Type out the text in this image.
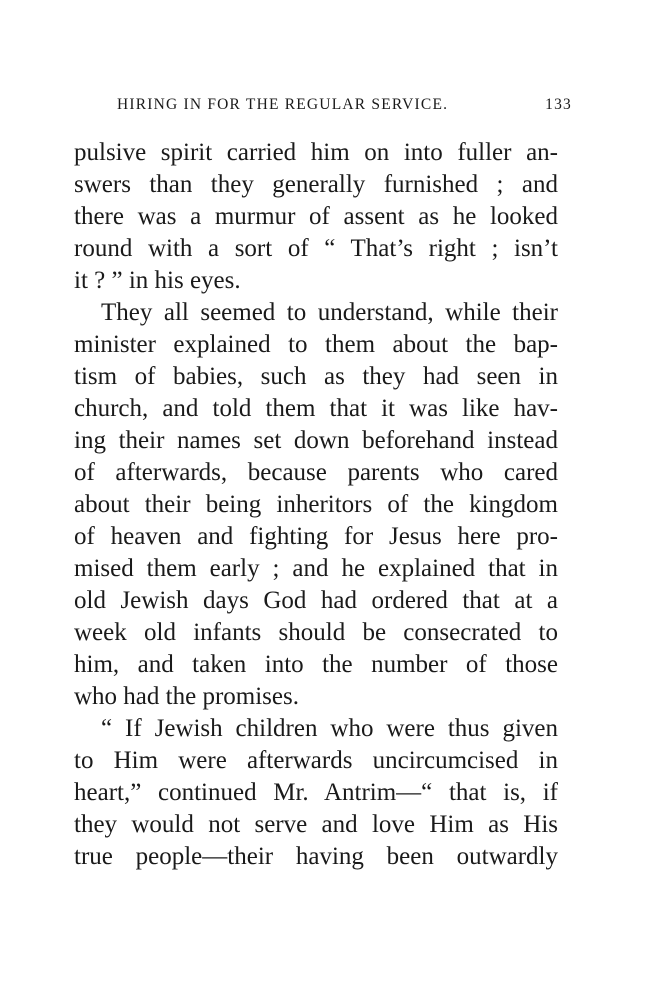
HIRING IN FOR THE REGULAR SERVICE.	133
pulsive spirit carried him on into fuller an-
swers than they generally furnished ; and
there was a murmur of assent as he looked
round with a sort of “ That’s right ; isn’t
it ? ” in his eyes.
They all seemed to understand, while their
minister explained to them about the bap-
tism of babies, such as they had seen in
church, and told them that it was like hav-
ing their names set down beforehand instead
of afterwards, because parents who cared
about their being inheritors of the kingdom
of heaven and fighting for Jesus here pro-
mised them early ; and he explained that in
old Jewish days God had ordered that at a
week old infants should be consecrated to
him, and taken into the number of those
who had the promises.
“ If Jewish children who were thus given
to Him were afterwards uncircumcised in
heart,” continued Mr. Antrim—“ that is, if
they would not serve and love Him as His
true people—their having been outwardly
